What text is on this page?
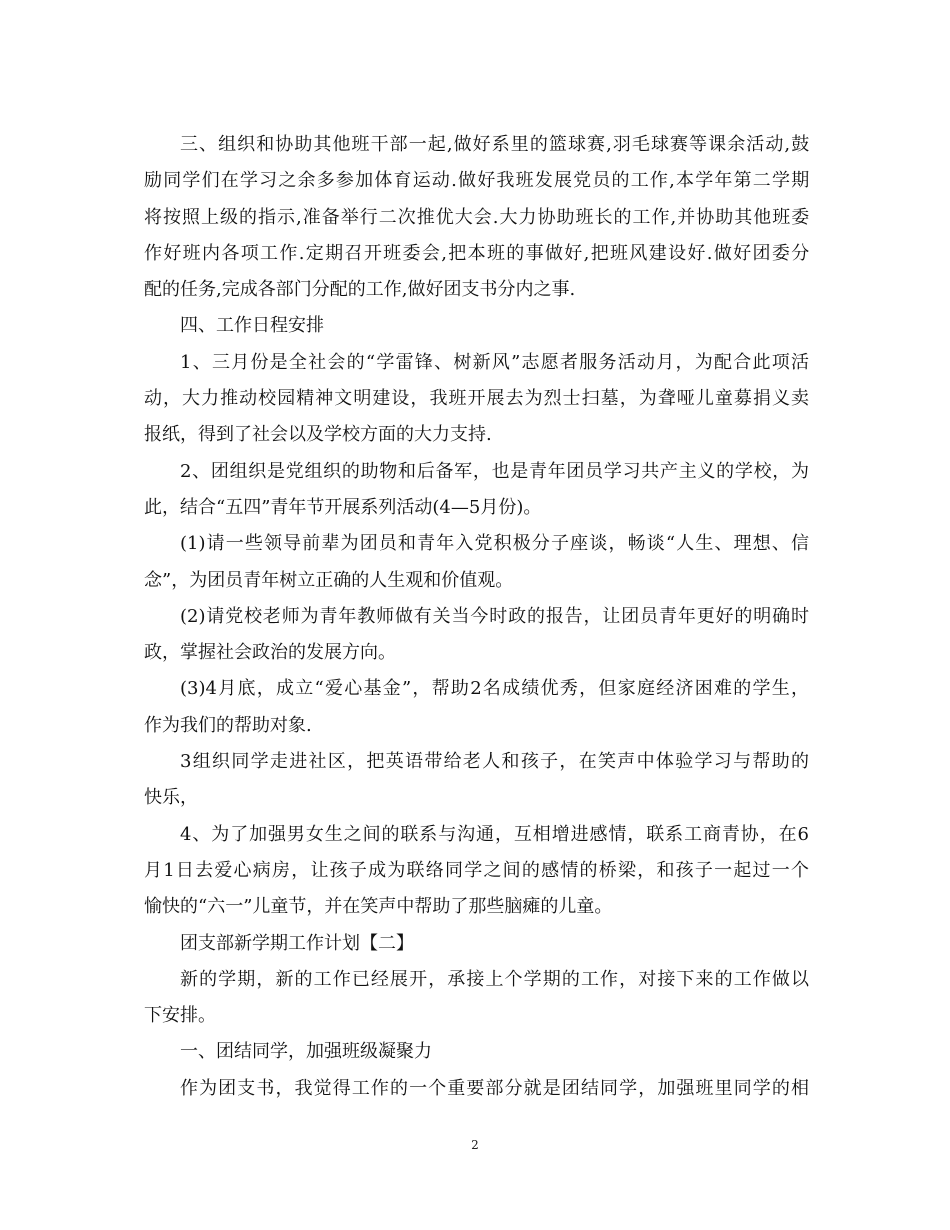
三、组织和协助其他班干部一起,做好系里的篮球赛,羽毛球赛等课余活动,鼓
励同学们在学习之余多参加体育运动.做好我班发展党员的工作,本学年第二学期
将按照上级的指示,准备举行二次推优大会.大力协助班长的工作,并协助其他班委
作好班内各项工作.定期召开班委会,把本班的事做好,把班风建设好.做好团委分
配的任务,完成各部门分配的工作,做好团支书分内之事.
四、工作日程安排
1、三月份是全社会的“学雷锋、树新风”志愿者服务活动月，为配合此项活
动，大力推动校园精神文明建设，我班开展去为烈士扫墓，为聋哑儿童募捐义卖
报纸，得到了社会以及学校方面的大力支持.
2、团组织是党组织的助物和后备军，也是青年团员学习共产主义的学校，为
此，结合“五四”青年节开展系列活动(4—5月份)。
(1)请一些领导前辈为团员和青年入党积极分子座谈，畅谈“人生、理想、信
念”，为团员青年树立正确的人生观和价值观。
(2)请党校老师为青年教师做有关当今时政的报告，让团员青年更好的明确时
政，掌握社会政治的发展方向。
(3)4月底，成立“爱心基金”，帮助2名成绩优秀，但家庭经济困难的学生，
作为我们的帮助对象.
3组织同学走进社区，把英语带给老人和孩子，在笑声中体验学习与帮助的
快乐，
4、为了加强男女生之间的联系与沟通，互相增进感情，联系工商青协，在6
月1日去爱心病房，让孩子成为联络同学之间的感情的桥梁，和孩子一起过一个
愉快的“六一”儿童节，并在笑声中帮助了那些脑瘫的儿童。
团支部新学期工作计划【二】
新的学期，新的工作已经展开，承接上个学期的工作，对接下来的工作做以
下安排。
一、团结同学，加强班级凝聚力
作为团支书，我觉得工作的一个重要部分就是团结同学，加强班里同学的相
2
